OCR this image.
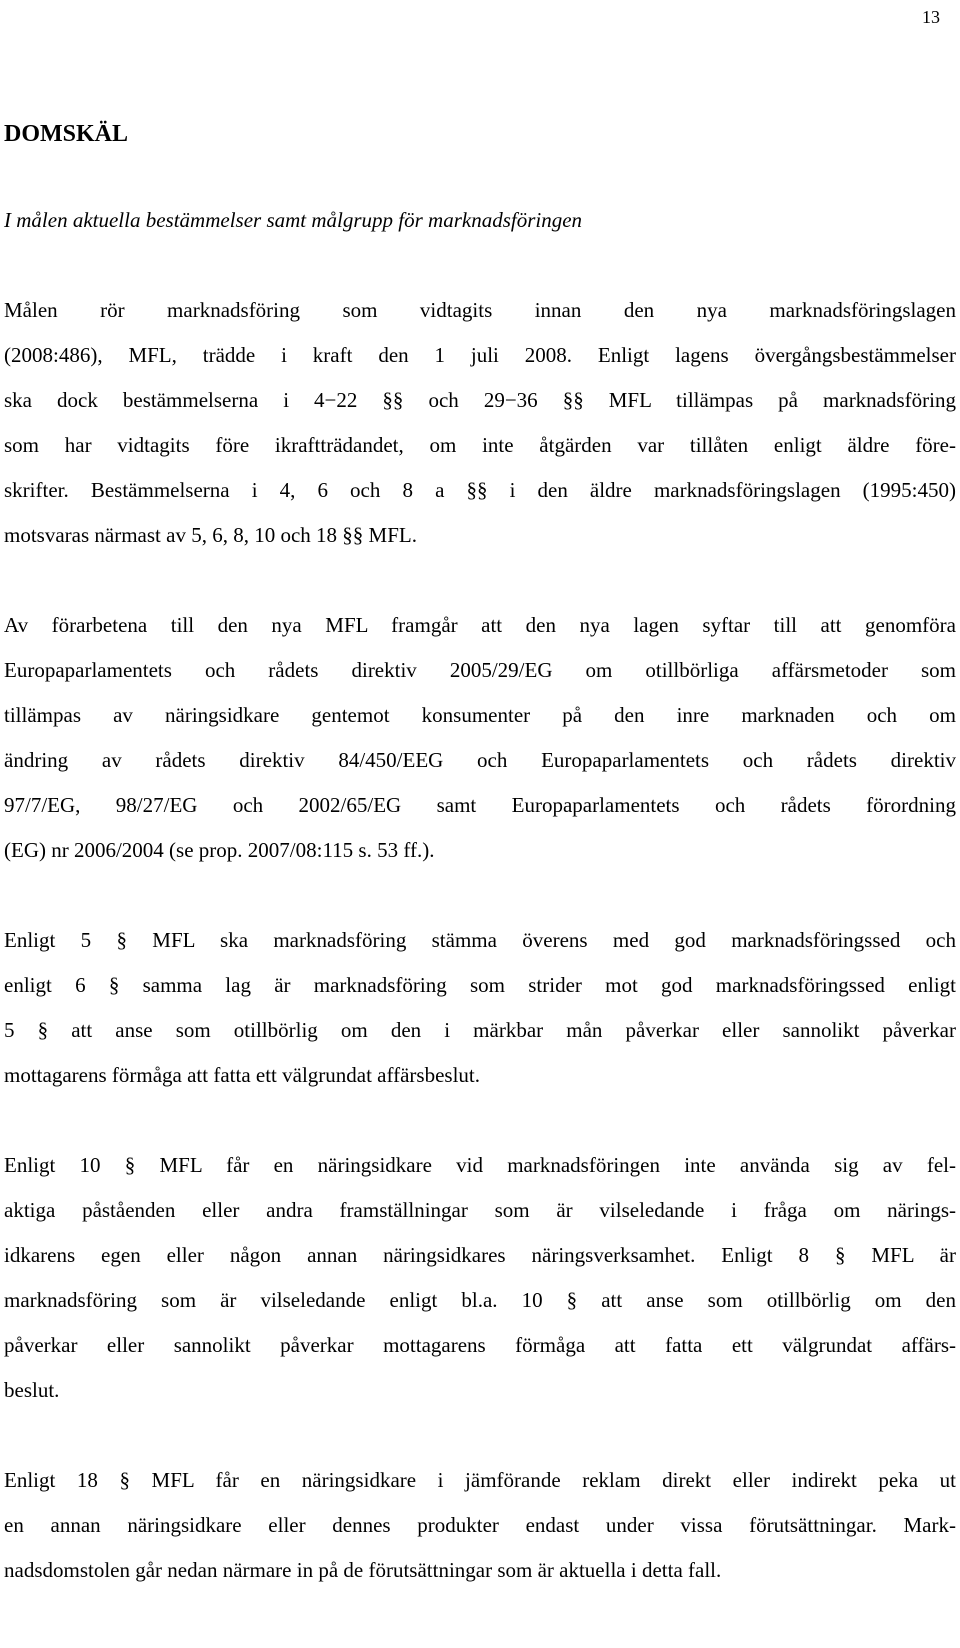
13
DOMSKÄL
I målen aktuella bestämmelser samt målgrupp för marknadsföringen
Målen rör marknadsföring som vidtagits innan den nya marknadsföringslagen
(2008:486), MFL, trädde i kraft den 1 juli 2008. Enligt lagens övergångsbestämmelser
ska dock bestämmelserna i 4−22 §§ och 29−36 §§ MFL tillämpas på marknadsföring
som har vidtagits före ikraftträdandet, om inte åtgärden var tillåten enligt äldre före-
skrifter. Bestämmelserna i 4, 6 och 8 a §§ i den äldre marknadsföringslagen (1995:450)
motsvaras närmast av 5, 6, 8, 10 och 18 §§ MFL.
Av förarbetena till den nya MFL framgår att den nya lagen syftar till att genomföra
Europaparlamentets och rådets direktiv 2005/29/EG om otillbörliga affärsmetoder som
tillämpas av näringsidkare gentemot konsumenter på den inre marknaden och om
ändring av rådets direktiv 84/450/EEG och Europaparlamentets och rådets direktiv
97/7/EG, 98/27/EG och 2002/65/EG samt Europaparlamentets och rådets förordning
(EG) nr 2006/2004 (se prop. 2007/08:115 s. 53 ff.).
Enligt 5 § MFL ska marknadsföring stämma överens med god marknadsföringssed och
enligt 6 § samma lag är marknadsföring som strider mot god marknadsföringssed enligt
5 § att anse som otillbörlig om den i märkbar mån påverkar eller sannolikt påverkar
mottagarens förmåga att fatta ett välgrundat affärsbeslut.
Enligt 10 § MFL får en näringsidkare vid marknadsföringen inte använda sig av fel-
aktiga påståenden eller andra framställningar som är vilseledande i fråga om närings-
idkarens egen eller någon annan näringsidkares näringsverksamhet. Enligt 8 § MFL är
marknadsföring som är vilseledande enligt bl.a. 10 § att anse som otillbörlig om den
påverkar eller sannolikt påverkar mottagarens förmåga att fatta ett välgrundat affärs-
beslut.
Enligt 18 § MFL får en näringsidkare i jämförande reklam direkt eller indirekt peka ut
en annan näringsidkare eller dennes produkter endast under vissa förutsättningar. Mark-
nadsdomstolen går nedan närmare in på de förutsättningar som är aktuella i detta fall.
